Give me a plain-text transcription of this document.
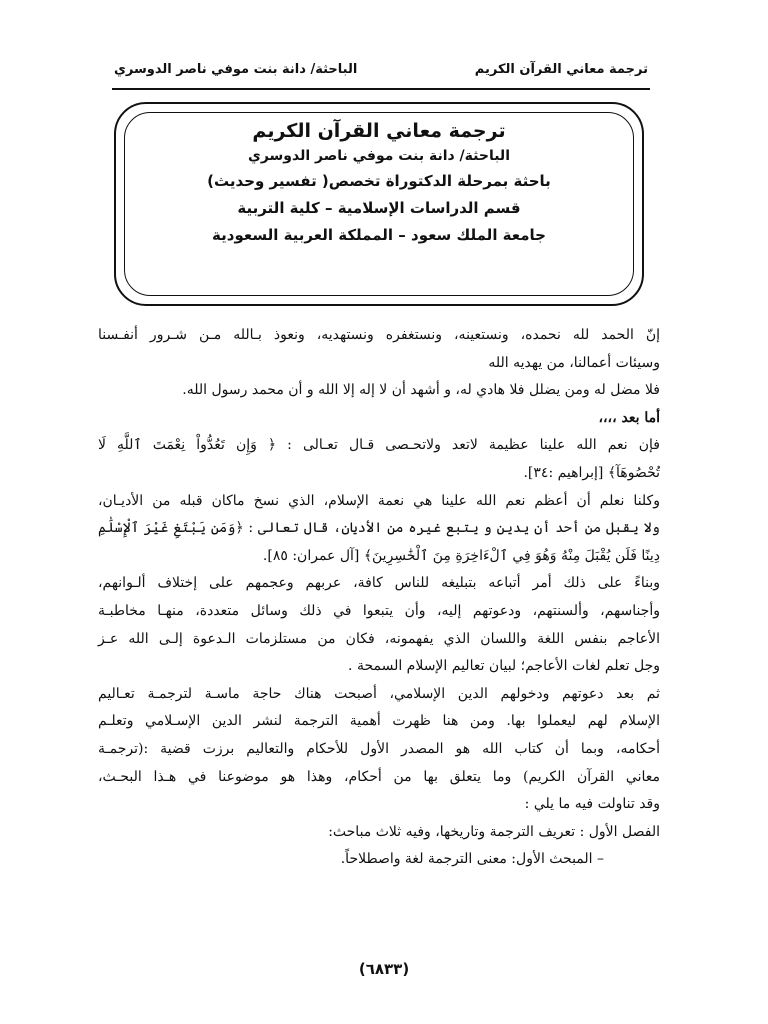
ترجمة معاني القرآن الكريم
الباحثة/ دانة بنت موفي ناصر الدوسري
ترجمة معاني القرآن الكريم
الباحثة/ دانة بنت موفي ناصر الدوسري
باحثة بمرحلة الدكتوراة تخصص( تفسير وحديث)
قسم الدراسات الإسلامية – كلية التربية
جامعة الملك سعود – المملكة العربية السعودية

إنّ الحمد لله نحمده، ونستعينه، ونستغفره ونستهديه، ونعوذ بـالله مـن شـرور أنفـسنا

وسيئات أعمالنا، من يهديه الله

فلا مضل له ومن يضلل فلا هادي له، و أشهد أن لا إله إلا الله و أن محمد رسول الله.

أما بعد ،،،،

فإن نعم الله علينا عظيمة لاتعد ولاتحـصى قـال تعـالى : ﴿ وَإِن تَعُدُّواْ نِعْمَتَ ٱللَّهِ لَا

تُحْصُوهَآ﴾ [إبراهيم :٣٤].

وكلنا نعلم أن أعظم نعم الله علينا هي نعمة الإسلام، الذي نسخ ماكان قبله من الأديـان،

ولا يقبل من أحد أن يدين و يتبع غيره من الأديان، قال تعالى : ﴿وَمَن يَبْتَغِ غَيْرَ ٱلْإِسْلَٰمِ

دِينًا فَلَن يُقْبَلَ مِنْهُ وَهُوَ فِي ٱلْءَاخِرَةِ مِنَ ٱلْخَٰسِرِينَ﴾ [آل عمران: ٨٥].

وبناءً على ذلك أمر أتباعه بتبليغه للناس كافة، عربهم وعجمهم على إختلاف ألـوانهم،

وأجناسهم، وألسنتهم، ودعوتهم إليه، وأن يتبعوا في ذلك وسائل متعددة، منهـا مخاطبـة

الأعاجم بنفس اللغة واللسان الذي يفهمونه، فكان من مستلزمات الـدعوة إلـى الله عـز

وجل تعلم لغات الأعاجم؛ لبيان تعاليم الإسلام السمحة .

ثم بعد دعوتهم ودخولهم الدين الإسلامي، أصبحت هناك حاجة ماسـة لترجمـة تعـاليم

الإسلام لهم ليعملوا بها. ومن هنا ظهرت أهمية الترجمة لنشر الدين الإسـلامي وتعلـم

أحكامه، وبما أن كتاب الله هو المصدر الأول للأحكام والتعاليم برزت قضية :(ترجمـة

معاني القرآن الكريم) وما يتعلق بها من أحكام، وهذا هو موضوعنا في هـذا البحـث،

وقد تناولت فيه ما يلي :

الفصل الأول : تعريف الترجمة وتاريخها، وفيه ثلاث مباحث:

– المبحث الأول: معنى الترجمة لغة واصطلاحاً.

(٦٨٣٣)
